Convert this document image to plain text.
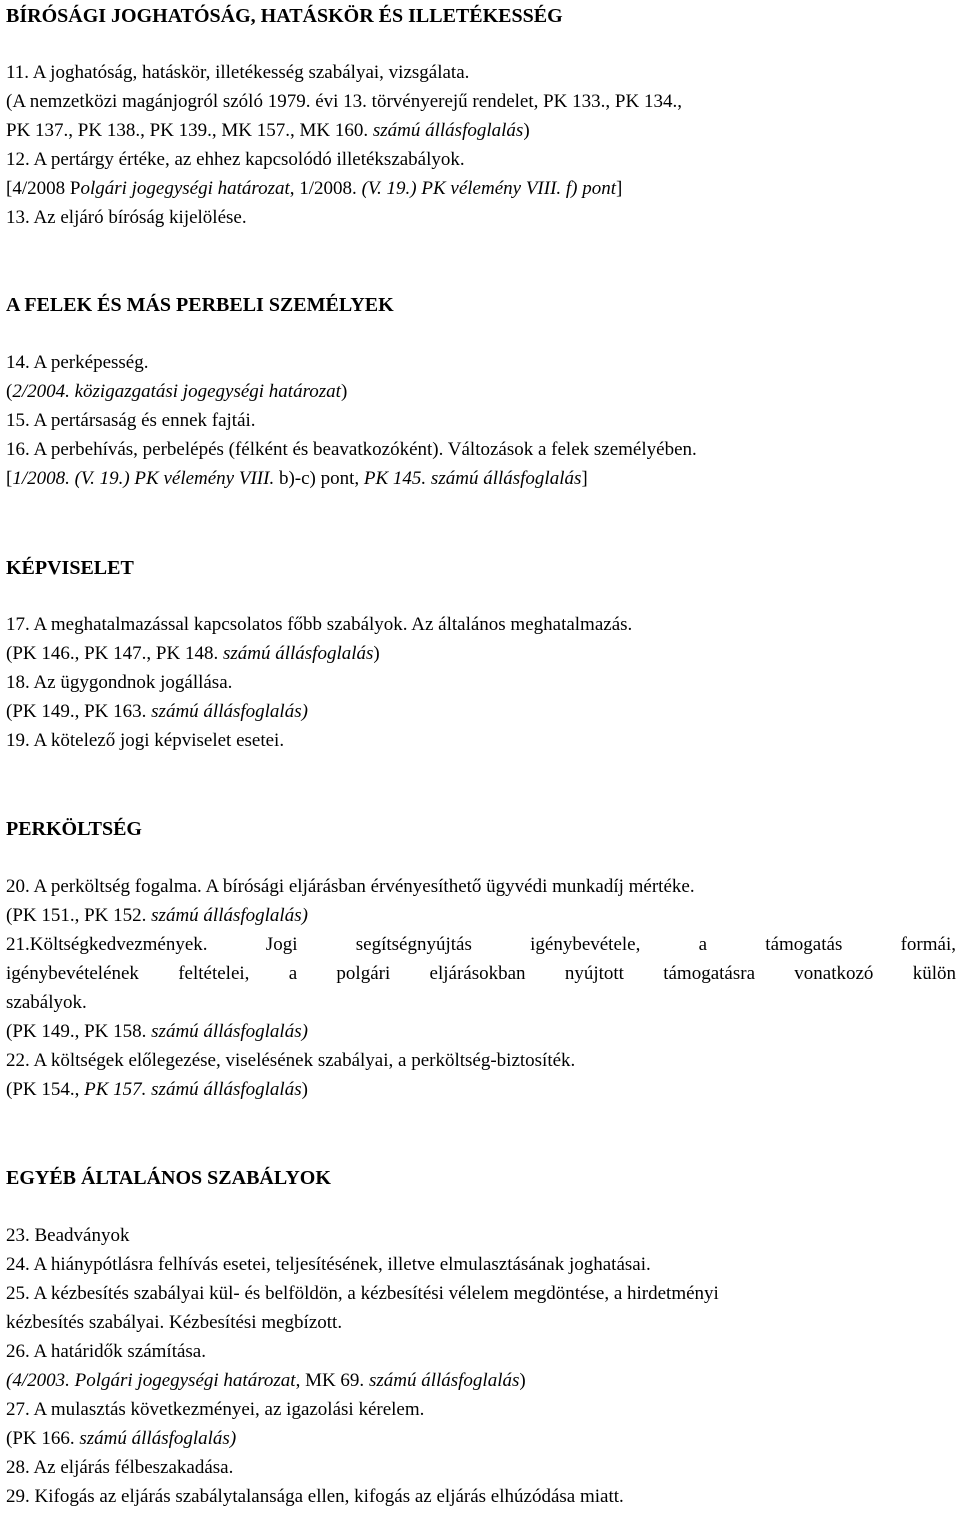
BÍRÓSÁGI JOGHATÓSÁG, HATÁSKÖR ÉS ILLETÉKESSÉG
11. A joghatóság, hatáskör, illetékesség szabályai, vizsgálata.
(A nemzetközi magánjogról szóló 1979. évi 13. törvényerejű rendelet, PK 133., PK 134.,
PK 137., PK 138., PK 139., MK 157., MK 160. számú állásfoglalás)
12. A pertárgy értéke, az ehhez kapcsolódó illetékszabályok.
[4/2008 Polgári jogegységi határozat, 1/2008. (V. 19.) PK vélemény VIII. f) pont]
13. Az eljáró bíróság kijelölése.
A FELEK ÉS MÁS PERBELI SZEMÉLYEK
14. A perképesség.
(2/2004. közigazgatási jogegységi határozat)
15. A pertársaság és ennek fajtái.
16. A perbehívás, perbelépés (félként és beavatkozóként). Változások a felek személyében.
[1/2008. (V. 19.) PK vélemény VIII. b)-c) pont, PK 145. számú állásfoglalás]
KÉPVISELET
17. A meghatalmazással kapcsolatos főbb szabályok. Az általános meghatalmazás.
(PK 146., PK 147., PK 148. számú állásfoglalás)
18. Az ügygondnok jogállása.
(PK 149., PK 163. számú állásfoglalás)
19. A kötelező jogi képviselet esetei.
PERKÖLTSÉG
20. A perköltség fogalma. A bírósági eljárásban érvényesíthető ügyvédi munkadíj mértéke.
(PK 151., PK 152. számú állásfoglalás)
21.Költségkedvezmények. Jogi segítségnyújtás igénybevétele, a támogatás formái,
igénybevételének feltételei, a polgári eljárásokban nyújtott támogatásra vonatkozó külön
szabályok.
(PK 149., PK 158. számú állásfoglalás)
22. A költségek előlegezése, viselésének szabályai, a perköltség-biztosíték.
(PK 154., PK 157. számú állásfoglalás)
EGYÉB ÁLTALÁNOS SZABÁLYOK
23. Beadványok
24. A hiánypótlásra felhívás esetei, teljesítésének, illetve elmulasztásának joghatásai.
25. A kézbesítés szabályai kül- és belföldön, a kézbesítési vélelem megdöntése, a hirdetményi
kézbesítés szabályai. Kézbesítési megbízott.
26. A határidők számítása.
(4/2003. Polgári jogegységi határozat, MK 69. számú állásfoglalás)
27. A mulasztás következményei, az igazolási kérelem.
(PK 166. számú állásfoglalás)
28. Az eljárás félbeszakadása.
29. Kifogás az eljárás szabálytalansága ellen, kifogás az eljárás elhúzódása miatt.
